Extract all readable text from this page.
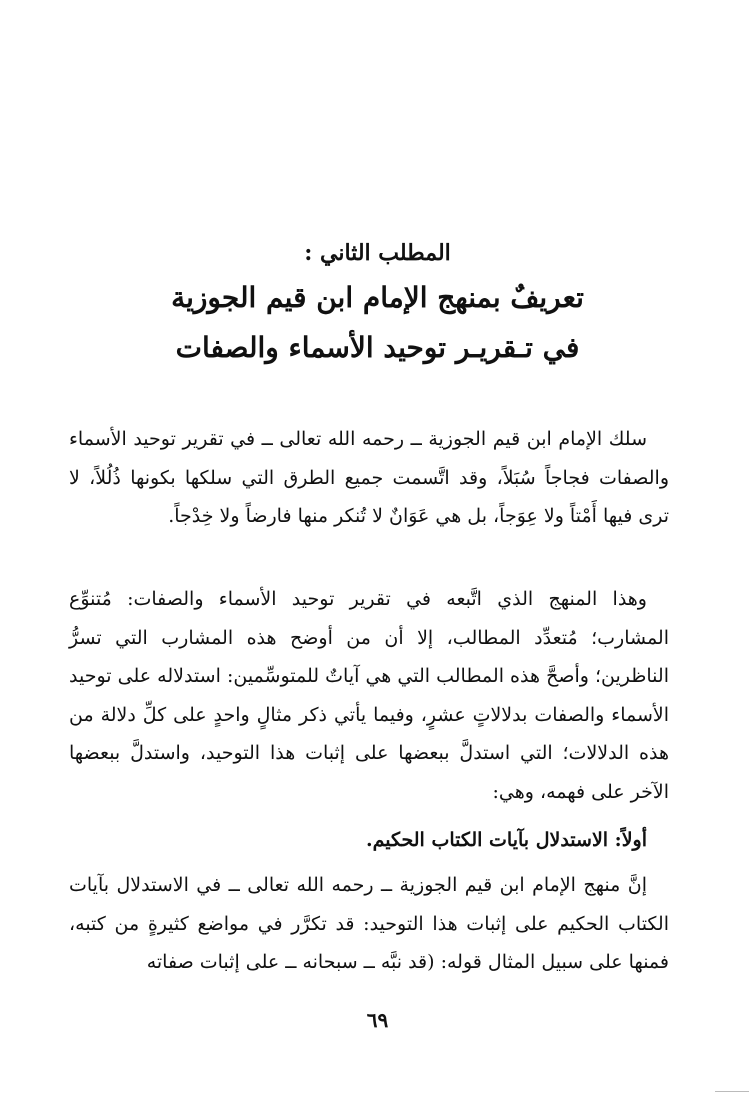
المطلب الثاني :
تعريفٌ بمنهج الإمام ابن قيم الجوزية
في تـقريـر توحيد الأسماء والصفات

سلك الإمام ابن قيم الجوزية ــ رحمه الله تعالى ــ في تقرير توحيد الأسماء والصفات فجاجاً سُبَلاً، وقد اتَّسمت جميع الطرق التي سلكها بكونها ذُلُلاً، لا ترى فيها أَمْتاً ولا عِوَجاً، بل هي عَوَانٌ لا تُنكر منها فارضاً ولا خِدْجاً.

وهذا المنهج الذي اتَّبعه في تقرير توحيد الأسماء والصفات: مُتنوِّع المشارب؛ مُتعدِّد المطالب، إلا أن من أوضح هذه المشارب التي تسرُّ الناظرين؛ وأصحَّ هذه المطالب التي هي آياتٌ للمتوسِّمين: استدلاله على توحيد الأسماء والصفات بدلالاتٍ عشرٍ، وفيما يأتي ذكر مثالٍ واحدٍ على كلِّ دلالة من هذه الدلالات؛ التي استدلَّ ببعضها على إثبات هذا التوحيد، واستدلَّ ببعضها الآخر على فهمه، وهي:

أولاً: الاستدلال بآيات الكتاب الحكيم.

إنَّ منهج الإمام ابن قيم الجوزية ــ رحمه الله تعالى ــ في الاستدلال بآيات الكتاب الحكيم على إثبات هذا التوحيد: قد تكرَّر في مواضع كثيرةٍ من كتبه، فمنها على سبيل المثال قوله: (قد نبَّه ــ سبحانه ــ على إثبات صفاته

٦٩
